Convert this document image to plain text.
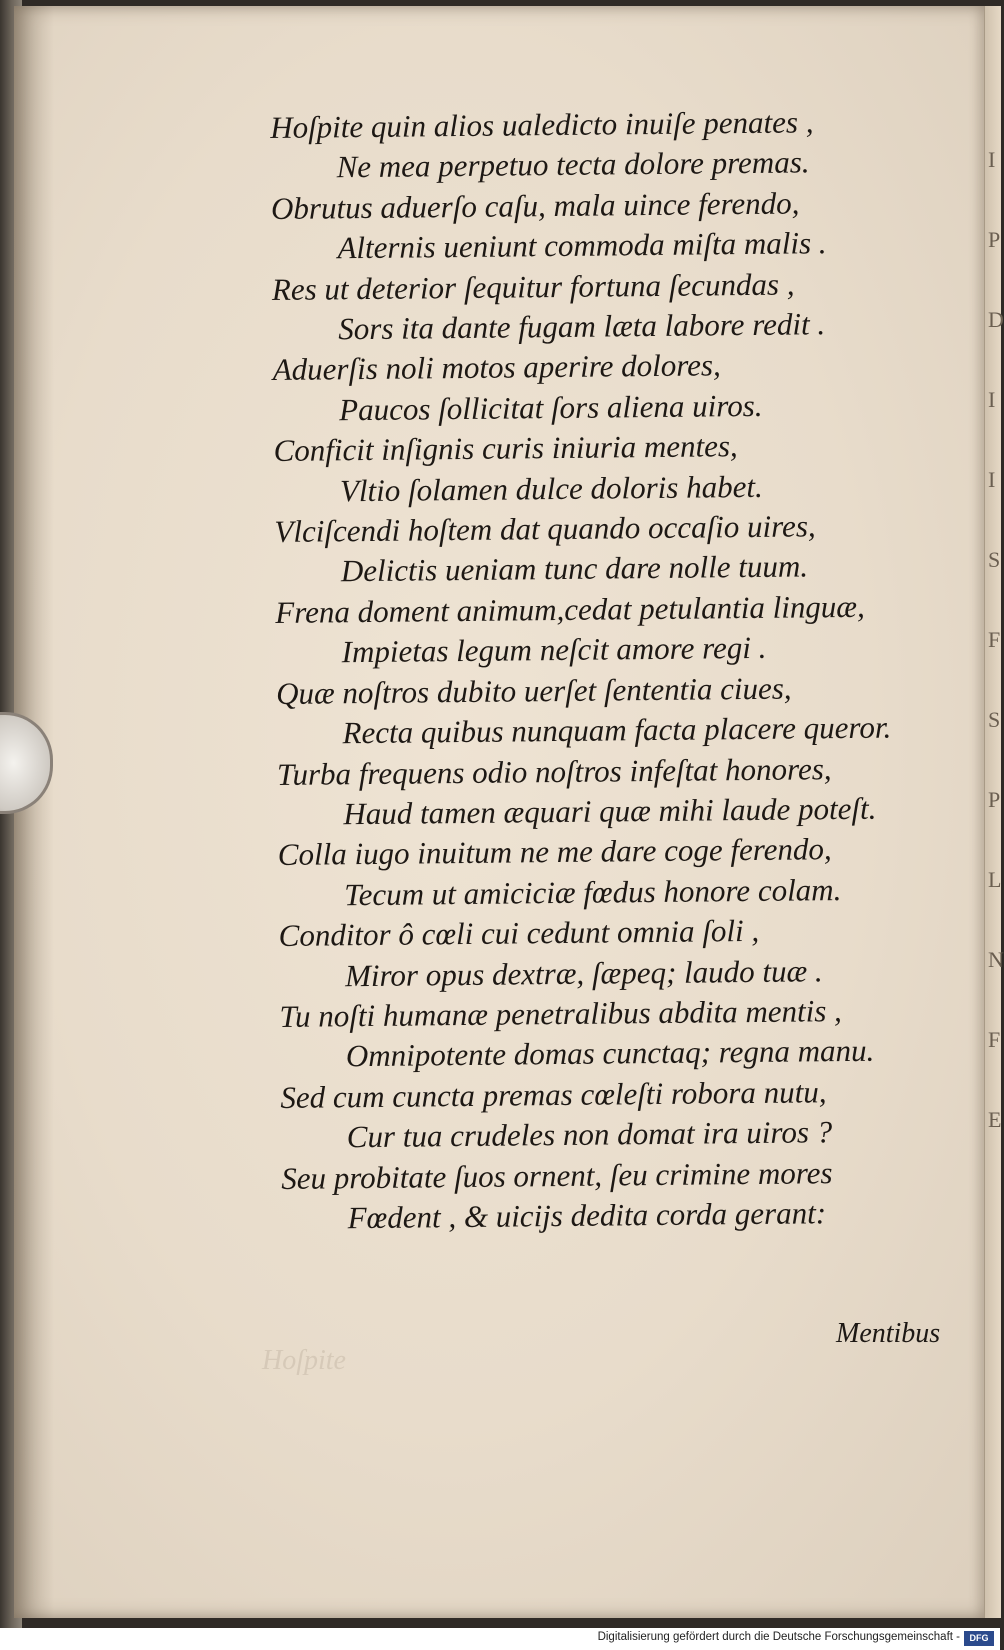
I
P
D
I
I
S
F
S
P
L
N
F
E
Hoſpite
Hoſpite quin alios ualedicto inuiſe penates ,
Ne mea perpetuo tecta dolore premas.
Obrutus aduerſo caſu, mala uince ferendo,
Alternis ueniunt commoda miſta malis .
Res ut deterior ſequitur fortuna ſecundas ,
Sors ita dante fugam læta labore redit .
Aduerſis noli motos aperire dolores,
Paucos ſollicitat ſors aliena uiros.
Conficit inſignis curis iniuria mentes,
Vltio ſolamen dulce doloris habet.
Vlciſcendi hoſtem dat quando occaſio uires,
Delictis ueniam tunc dare nolle tuum.
Frena doment animum,cedat petulantia linguæ,
Impietas legum neſcit amore regi .
Quæ noſtros dubito uerſet ſententia ciues,
Recta quibus nunquam facta placere queror.
Turba frequens odio noſtros infeſtat honores,
Haud tamen æquari quæ mihi laude poteſt.
Colla iugo inuitum ne me dare coge ferendo,
Tecum ut amiciciæ fœdus honore colam.
Conditor ô cœli cui cedunt omnia ſoli ,
Miror opus dextræ, ſæpeq; laudo tuæ .
Tu noſti humanæ penetralibus abdita mentis ,
Omnipotente domas cunctaq; regna manu.
Sed cum cuncta premas cœleſti robora nutu,
Cur tua crudeles non domat ira uiros ?
Seu probitate ſuos ornent, ſeu crimine mores
Fœdent , & uicijs dedita corda gerant:
Mentibus
Digitalisierung gefördert durch die Deutsche Forschungsgemeinschaft -	DFG
